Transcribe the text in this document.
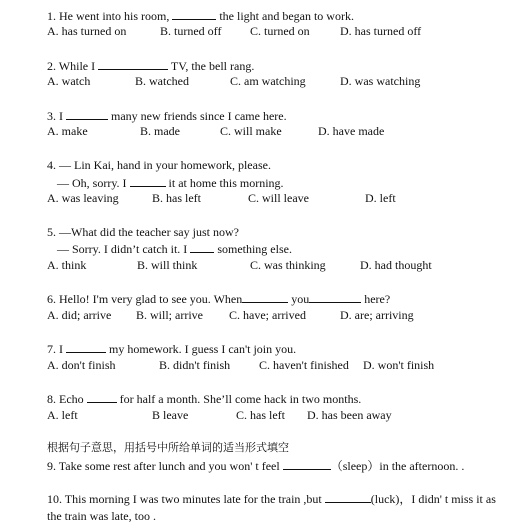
1. He went into his room,	the light and began to work.
A. has turned on	B. turned off C. turned on	D. has turned off
2. While I	TV, the bell rang.
A. watch	B. watched	C. am watching	D. was watching
3. I	many new friends since I came here.
A. make	B. made	C. will make	D. have made
4. — Lin Kai, hand in your homework, please.
— Oh, sorry. I	it at home this morning.
A. was leaving	B. has left	C. will leave	D. left
5. —What did the teacher say just now?
— Sorry. I didn’t catch it. I  something else.
A. think	B. will think	C. was thinking	D. had thought
6. Hello! I'm very glad to see you. When	you	here?
A. did; arrive B. will; arrive C. have; arrived	D. are; arriving
7. I	my homework. I guess I can't join you.
A. don't finish	B. didn't finish C. haven't finished D. won't finish
8. Echo	for half a month. She’ll come hack in two months.
A. left	B leave	C. has left D. has been away
根据句子意思，用括号中所给单词的适当形式填空
9. Take some rest after lunch and you won' t feel	（sleep）in the afternoon. .
10. This morning I was two minutes late for the train ,but	(luck)，I didn' t miss it as
the train was late, too .
